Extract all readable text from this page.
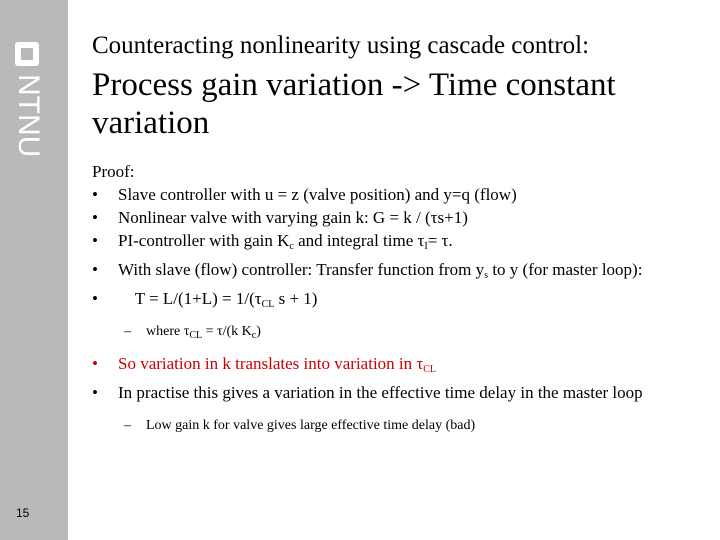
NTNU
15
Counteracting nonlinearity using cascade control:
Process gain variation -> Time constant variation
Proof:
•	Slave controller with u = z (valve position) and y=q (flow)
•	Nonlinear valve with varying gain k: G = k / (τs+1)
•	PI-controller with gain $K_c$ and integral time $\tau_I= \tau$.
•	With slave (flow) controller: Transfer function from $y_s$ to y (for master loop):
•	$T = L/(1+L) = 1/(\tau_{CL}$ s + 1)
–	where $\tau_{CL} = \tau/(k$ $K_c$)
•	So variation in k translates into variation in $\tau_{CL}$
•	In practise this gives a variation in the effective time delay in the master loop
–	Low gain k for valve gives large effective time delay (bad)
